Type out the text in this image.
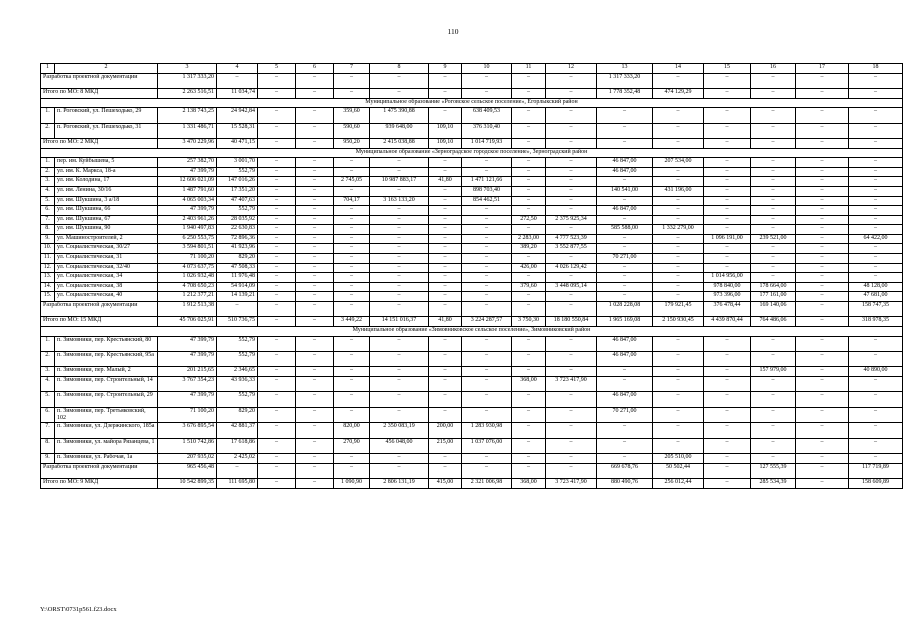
110
1	2	3	4	5	6	7	8	9	10	11	12	13	14	15	16	17	18
Разработка проектной документации		1 317 333,20	–	–	–	–	–	–	–	–	–	1 317 333,20	–	–	–	–	–
Итого по МО: 8 МКД		2 263 516,51	11 034,74	–	–	–	–	–	–	–	–	1 778 352,48	474 129,29	–	–	–	–
Муниципальное образование «Роговское сельское поселение», Егорлыкский район																	
1.	п. Роговский, ул. Пешеходько, 29	2 138 743,25	24 942,84	–	–	359,60	1 475 390,88	–	638 409,53	–	–	–	–	–	–	–	–
2.	п. Роговский, ул. Пешеходько, 31	1 331 486,71	15 528,31	–	–	590,60	939 648,00	109,10	376 310,40	–	–	–	–	–	–	–	–
Итого по МО: 2 МКД		3 470 229,96	40 471,15	–	–	950,20	2 415 038,88	109,10	1 014 719,93	–	–	–	–	–	–	–	–
Муниципальное образование «Зерноградское городское поселение», Зерноградский район																	
1.	пер. им. Куйбышева, 5	257 382,70	3 001,70	–	–	–	–	–	–	–	–	46 847,00	207 534,00	–	–	–	–
2.	ул. им. К. Маркса, 18-а	47 399,79	552,79	–	–	–	–	–	–	–	–	46 847,00	–	–	–	–	–
3.	ул. им. Колодина, 17	12 606 021,09	147 016,26	–	–	2 745,05	10 987 883,17	41,80	1 471 121,66	–	–	–	–	–	–	–	–
4.	ул. им. Ленина, 30/16	1 487 791,60	17 351,20	–	–	–	–	–	898 703,40	–	–	140 541,00	431 196,00	–	–	–	–
5.	ул. им. Шукшина, 3 а/18	4 065 003,34	47 407,63	–	–	704,17	3 163 133,20	–	854 462,51	–	–	–	–	–	–	–	–
6.	ул. им. Шукшина, 66	47 399,79	552,79	–	–	–	–	–	–	–	–	46 847,00	–	–	–	–	–
7.	ул. им. Шукшина, 67	2 403 961,26	28 035,92	–	–	–	–	–	–	272,50	2 375 925,34	–	–	–	–	–	–
8.	ул. им. Шукшина, 90	1 940 497,83	22 630,83	–	–	–	–	–	–	–	–	585 588,00	1 332 279,00	–	–	–	–
9.	ул. Машиностроителей, 2	6 250 553,75	72 896,36	–	–	–	–	–	–	2 283,00	4 777 523,39	–	–	1 096 191,00	239 521,00	–	64 422,00
10.	ул. Социалистическая, 30/27	3 594 801,51	41 923,96	–	–	–	–	–	–	389,20	3 552 877,55	–	–	–	–	–	–
11.	ул. Социалистическая, 31	71 100,20	829,20	–	–	–	–	–	–	–	–	70 271,00	–	–	–	–	–
12.	ул. Социалистическая, 32/40	4 073 637,75	47 508,33	–	–	–	–	–	–	426,00	4 026 129,42	–	–	–	–	–	–
13.	ул. Социалистическая, 34	1 026 932,48	11 976,48	–	–	–	–	–	–	–	–	–	–	1 014 956,00	–	–	–
14.	ул. Социалистическая, 38	4 708 650,23	54 914,09	–	–	–	–	–	–	379,60	3 448 095,14	–	–	978 840,00	178 664,00	–	48 128,00
15.	ул. Социалистическая, 40	1 212 377,21	14 139,21	–	–	–	–	–	–	–	–	–	–	973 396,00	177 161,00	–	47 681,00
Разработка проектной документации		1 912 513,38	–	–	–	–	–	–	–	–	–	1 028 228,08	179 921,45	376 478,44	169 140,06	–	158 747,35
Итого по МО: 15 МКД		45 706 025,91	510 736,75	–	–	3 449,22	14 151 016,37	41,80	3 224 287,57	3 750,30	18 180 550,84	1 965 169,08	2 150 930,45	4 439 870,44	764 486,06	–	318 978,35
Муниципальное образование «Зимовниковское сельское поселение», Зимовниковский район																	
1.	п. Зимовники, пер. Крестьянский, 80	47 399,79	552,79	–	–	–	–	–	–	–	–	46 847,00	–	–	–	–	–
2.	п. Зимовники, пер. Крестьянский, 95а	47 399,79	552,79	–	–	–	–	–	–	–	–	46 847,00	–	–	–	–	–
3.	п. Зимовники, пер. Малый, 2	201 215,65	2 346,65	–	–	–	–	–	–	–	–	–	–	–	157 979,00	–	40 890,00
4.	п. Зимовники, пер. Строительный, 14	3 767 354,23	43 936,33	–	–	–	–	–	–	368,00	3 723 417,90	–	–	–	–	–	–
5.	п. Зимовники, пер. Строительный, 29	47 399,79	552,79	–	–	–	–	–	–	–	–	46 847,00	–	–	–	–	–
6.	п. Зимовники, пер. Третьяковский, 102	71 100,20	829,20	–	–	–	–	–	–	–	–	70 271,00	–	–	–	–	–
7.	п. Зимовники, ул. Дзержинского, 185а	3 676 895,54	42 881,37	–	–	820,00	2 350 083,19	200,00	1 283 930,98	–	–	–	–	–	–	–	–
8.	п. Зимовники, ул. майора Рязанцева, 1	1 510 742,86	17 618,86	–	–	270,90	456 048,00	215,00	1 037 076,00	–	–	–	–	–	–	–	–
9.	п. Зимовники, ул. Рабочая, 1а	207 935,02	2 425,02	–	–	–	–	–	–	–	–	–	205 510,00	–	–	–	–
Разработка проектной документации		965 456,48	–	–	–	–	–	–	–	–	–	669 678,76	50 502,44	–	127 555,39	–	117 719,89
Итого по МО: 9 МКД		10 542 899,35	111 695,80	–	–	1 090,90	2 806 131,19	415,00	2 321 006,98	368,00	3 723 417,90	880 490,76	256 012,44	–	285 534,39	–	158 609,89
Y:\ORST\0731p561.f23.docx
